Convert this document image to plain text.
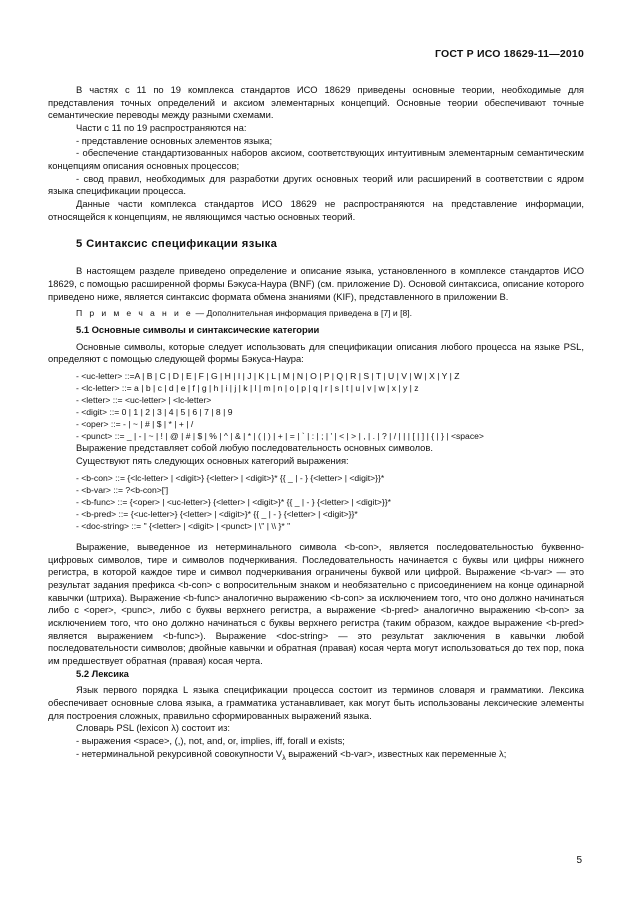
ГОСТ Р ИСО 18629-11—2010

В частях с 11 по 19 комплекса стандартов ИСО 18629 приведены основные теории, необходимые для представления точных определений и аксиом элементарных концепций. Основные теории обеспечивают точные семантические переводы между разными схемами.

Части с 11 по 19 распространяются на:

- представление основных элементов языка;

- обеспечение стандартизованных наборов аксиом, соответствующих интуитивным элементарным семантическим концепциям описания основных процессов;

- свод правил, необходимых для разработки других основных теорий или расширений в соответствии с ядром языка спецификации процесса.

Данные части комплекса стандартов ИСО 18629 не распространяются на представление информации, относящейся к концепциям, не являющимся частью основных теорий.

5 Синтаксис спецификации языка

В настоящем разделе приведено определение и описание языка, установленного в комплексе стандартов ИСО 18629, с помощью расширенной формы Бэкуса-Наура (BNF) (см. приложение D). Основой синтаксиса, описание которого приведено ниже, является синтаксис формата обмена знаниями (KIF), представленного в приложении В.

П р и м е ч а н и е — Дополнительная информация приведена в [7] и [8].

5.1 Основные символы и синтаксические категории

Основные символы, которые следует использовать для спецификации описания любого процесса на языке PSL, определяют с помощью следующей формы Бэкуса-Наура:

- <uc-letter> ::=A | B | C | D | E | F | G | H | I | J | K | L | M | N | O | P | Q | R | S | T | U | V | W | X | Y | Z
- <lc-letter> ::= a | b | c | d | e | f | g | h | i | j | k | l | m | n | o | p | q | r | s | t | u | v | w | x | y | z
- <letter> ::= <uc-letter> | <lc-letter>
- <digit> ::= 0 | 1 | 2 | 3 | 4 | 5 | 6 | 7 | 8 | 9
- <oper> ::= - | ~ | # | $ | * | + | /
- <punct> ::= _ | - | ~ | ! | @ | # | $ | % | ^ | & | * | ( | ) | + | = | ` | : | ; | ' | < | > | , | . | ? | / | | | [ | ] | { | } | <space>

Выражение представляет собой любую последовательность основных символов.

Существуют пять следующих основных категорий выражения:

- <b-con> ::= {<lc-letter> | <digit>} {<letter> | <digit>}* {{ _ | - } {<letter> | <digit>}}*
- <b-var> ::= ?<b-con>[']
- <b-func> ::= {<oper> | <uc-letter>} {<letter> | <digit>}* {{ _ | - } {<letter> | <digit>}}*
- <b-pred> ::= {<uc-letter>} {<letter> | <digit>}* {{ _ | - } {<letter> | <digit>}}*
- <doc-string> ::= " {<letter> | <digit> | <punct> | \" | \\ }* "

Выражение, выведенное из нетерминального символа <b-con>, является последовательностью буквенно-цифровых символов, тире и символов подчеркивания. Последовательность начинается с буквы или цифры нижнего регистра, в которой каждое тире и символ подчеркивания ограничены буквой или цифрой. Выражение <b-var> — это результат задания префикса <b-con> с вопросительным знаком и необязательно с присоединением на конце одинарной кавычки (штриха). Выражение <b-func> аналогично выражению <b-con> за исключением того, что оно должно начинаться либо с <oper>, <punc>, либо с буквы верхнего регистра, а выражение <b-pred> аналогично выражению <b-con> за исключением того, что оно должно начинаться с буквы верхнего регистра (таким образом, каждое выражение <b-pred> является выражением <b-func>). Выражение <doc-string> — это результат заключения в кавычки любой последовательности символов; двойные кавычки и обратная (правая) косая черта могут использоваться до тех пор, пока им предшествует обратная (правая) косая черта.

5.2 Лексика

Язык первого порядка L языка спецификации процесса состоит из терминов словаря и грамматики. Лексика обеспечивает основные слова языка, а грамматика устанавливает, как могут быть использованы лексические элементы для построения сложных, правильно сформированных выражений языка.

Словарь PSL (lexicon λ) состоит из:

- выражения <space>, (,), not, and, or, implies, iff, forall и exists;

- нетерминальной рекурсивной совокупности $V_\lambda$ выражений <b-var>, известных как переменные λ;

5
